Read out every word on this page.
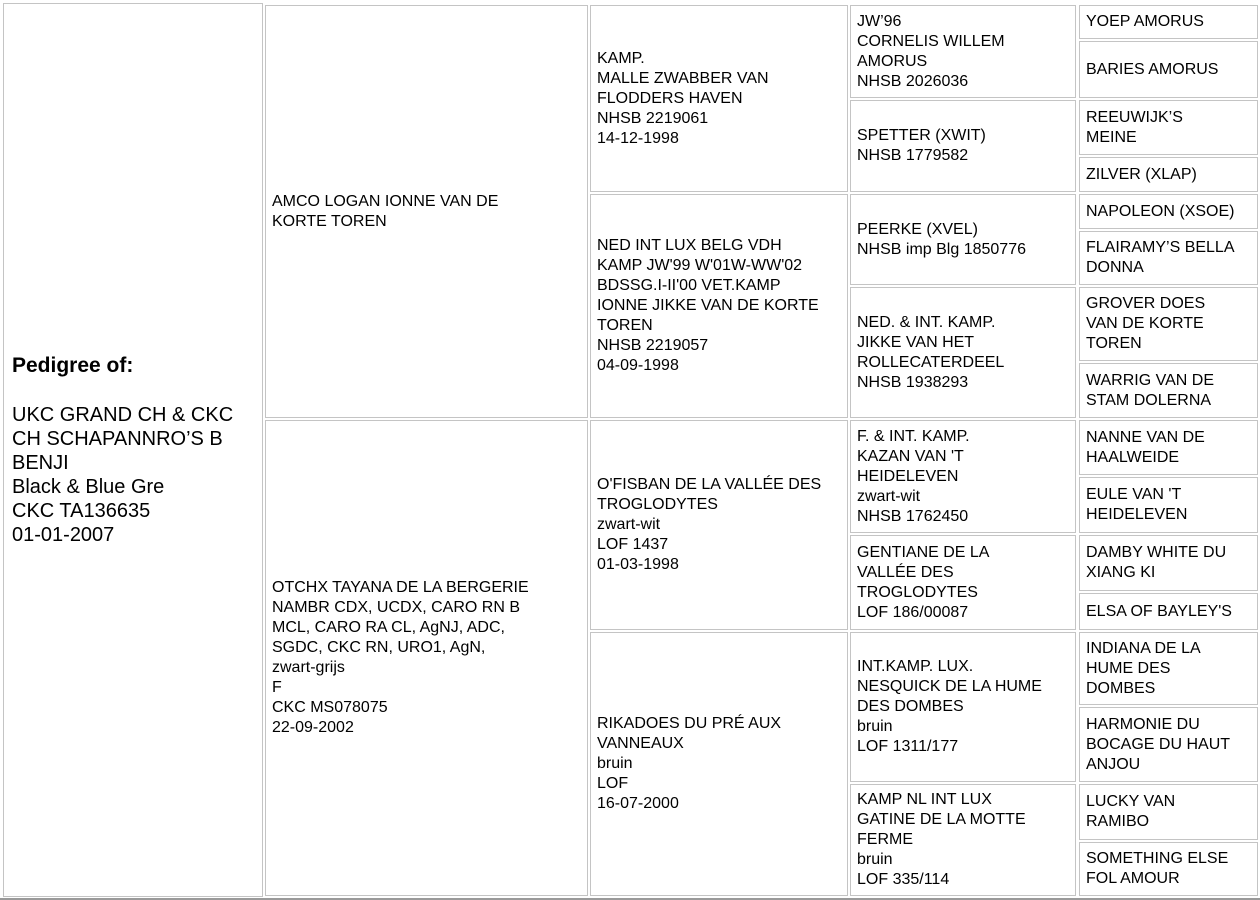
Pedigree of:
UKC GRAND CH & CKC
CH SCHAPANNRO’S B
BENJI
Black & Blue Gre
CKC TA136635
01-01-2007
AMCO LOGAN IONNE VAN DE
KORTE TOREN
OTCHX TAYANA DE LA BERGERIE
NAMBR CDX, UCDX, CARO RN B
MCL, CARO RA CL, AgNJ, ADC,
SGDC, CKC RN, URO1, AgN,
zwart-grijs
F
CKC MS078075
22-09-2002
KAMP.
MALLE ZWABBER VAN
FLODDERS HAVEN
NHSB 2219061
14-12-1998
NED INT LUX BELG VDH
KAMP JW'99 W'01W-WW'02
BDSSG.I-II'00 VET.KAMP
IONNE JIKKE VAN DE KORTE
TOREN
NHSB 2219057
04-09-1998
O'FISBAN DE LA VALLÉE DES
TROGLODYTES
zwart-wit
LOF 1437
01-03-1998
RIKADOES DU PRÉ AUX
VANNEAUX
bruin
LOF
16-07-2000
JW’96
CORNELIS WILLEM
AMORUS
NHSB 2026036
SPETTER (XWIT)
NHSB 1779582
PEERKE (XVEL)
NHSB imp Blg 1850776
NED. & INT. KAMP.
JIKKE VAN HET
ROLLECATERDEEL
NHSB 1938293
F. & INT. KAMP.
KAZAN VAN 'T
HEIDELEVEN
zwart-wit
NHSB 1762450
GENTIANE DE LA
VALLÉE DES
TROGLODYTES
LOF 186/00087
INT.KAMP. LUX.
NESQUICK DE LA HUME
DES DOMBES
bruin
LOF 1311/177
KAMP NL INT LUX
GATINE DE LA MOTTE
FERME
bruin
LOF 335/114
YOEP AMORUS
BARIES AMORUS
REEUWIJK’S
MEINE
ZILVER (XLAP)
NAPOLEON (XSOE)
FLAIRAMY’S BELLA
DONNA
GROVER DOES
VAN DE KORTE
TOREN
WARRIG VAN DE
STAM DOLERNA
NANNE VAN DE
HAALWEIDE
EULE VAN 'T
HEIDELEVEN
DAMBY WHITE DU
XIANG KI
ELSA OF BAYLEY'S
INDIANA DE LA
HUME DES
DOMBES
HARMONIE DU
BOCAGE DU HAUT
ANJOU
LUCKY VAN
RAMIBO
SOMETHING ELSE
FOL AMOUR
